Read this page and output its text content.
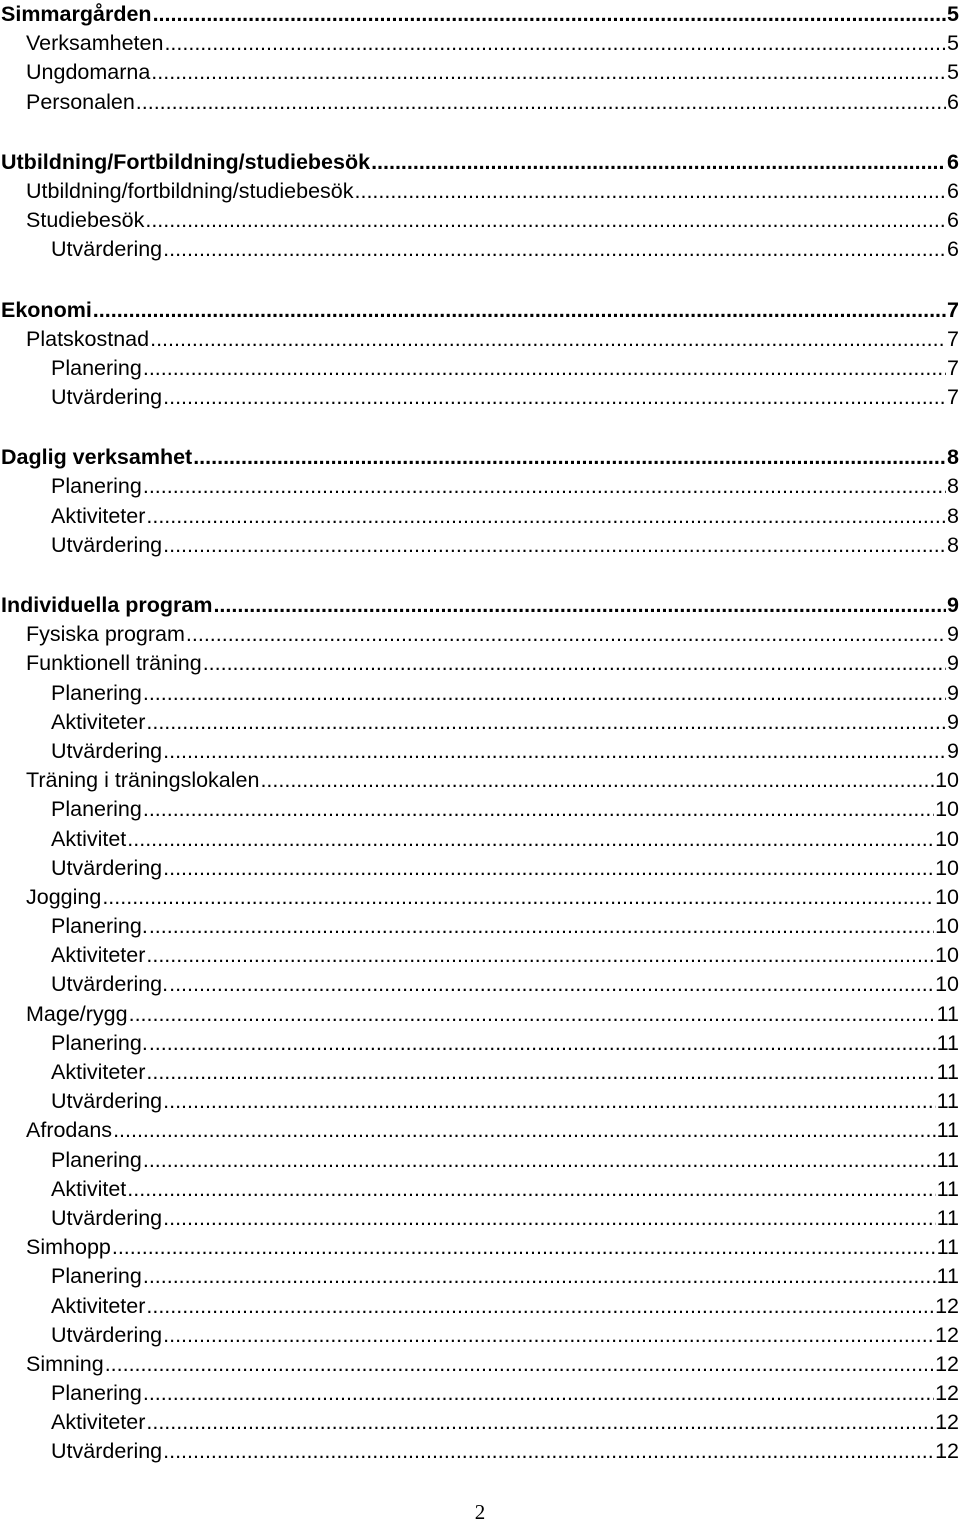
Simmargården .....	5
Verksamheten .....	5
Ungdomarna .....	5
Personalen .....	6
Utbildning/Fortbildning/studiebesök .....	6
Utbildning/fortbildning/studiebesök .....	6
Studiebesök .....	6
Utvärdering .....	6
Ekonomi .....	7
Platskostnad .....	7
Planering .....	7
Utvärdering .....	7
Daglig verksamhet .....	8
Planering .....	8
Aktiviteter .....	8
Utvärdering .....	8
Individuella program .....	9
Fysiska program .....	9
Funktionell träning .....	9
Planering .....	9
Aktiviteter .....	9
Utvärdering .....	9
Träning i träningslokalen .....	10
Planering .....	10
Aktivitet .....	10
Utvärdering .....	10
Jogging .....	10
Planering. .....	10
Aktiviteter .....	10
Utvärdering. .....	10
Mage/rygg .....	11
Planering. .....	11
Aktiviteter .....	11
Utvärdering .....	11
Afrodans .....	11
Planering .....	11
Aktivitet .....	11
Utvärdering .....	11
Simhopp .....	11
Planering .....	11
Aktiviteter .....	12
Utvärdering .....	12
Simning .....	12
Planering .....	12
Aktiviteter .....	12
Utvärdering .....	12
2
